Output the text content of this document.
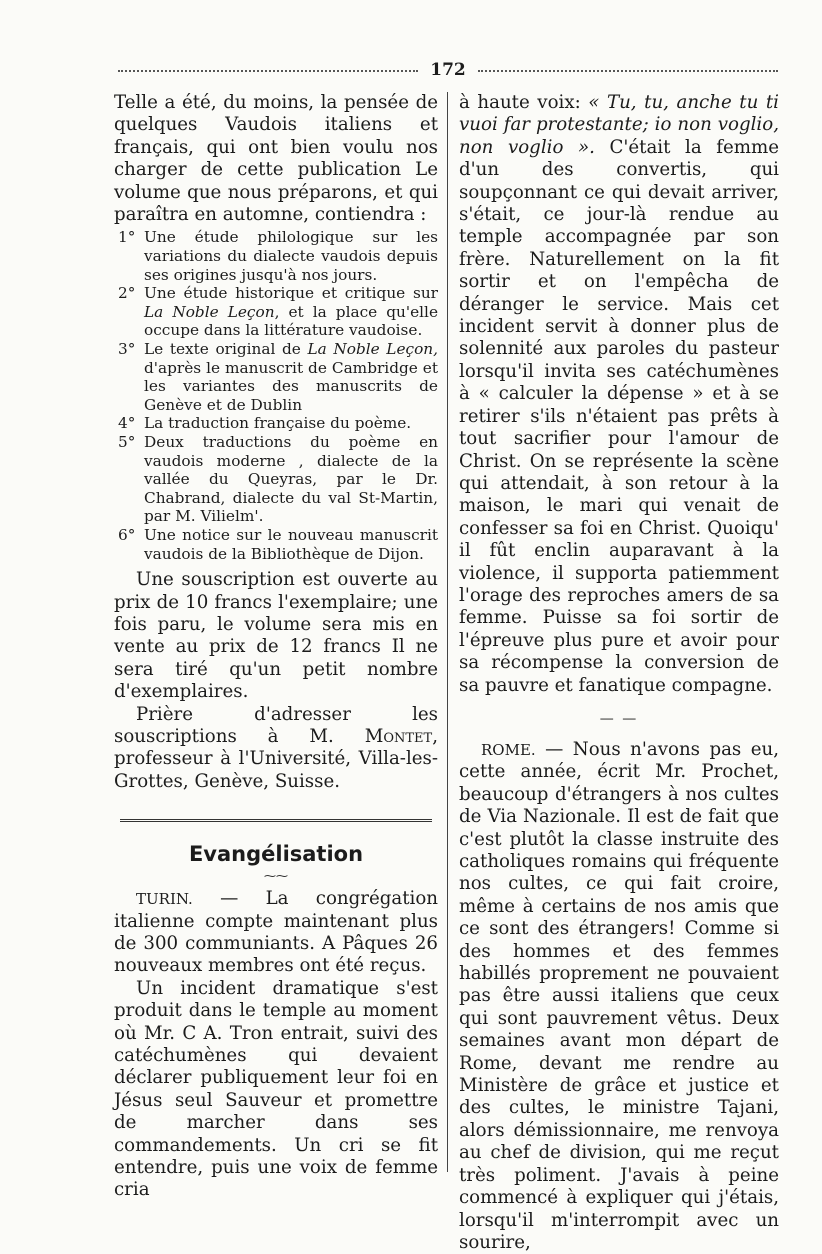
172

Telle a été, du moins, la pensée de quelques Vaudois italiens et français, qui ont bien voulu nos charger de cette publication Le volume que nous préparons, et qui paraîtra en automne, contiendra :

1° Une étude philologique sur les variations du dialecte vaudois depuis ses origines jusqu'à nos jours.
2° Une étude historique et critique sur La Noble Leçon, et la place qu'elle occupe dans la littérature vaudoise.
3° Le texte original de La Noble Leçon, d'après le manuscrit de Cambridge et les variantes des manuscrits de Genève et de Dublin
4° La traduction française du poème.
5° Deux traductions du poème en vaudois moderne , dialecte de la vallée du Queyras, par le Dr. Chabrand, dialecte du val St-Martin, par M. Vilielm'.
6° Une notice sur le nouveau manuscrit vaudois de la Bibliothèque de Dijon.

Une souscription est ouverte au prix de 10 francs l'exemplaire; une fois paru, le volume sera mis en vente au prix de 12 francs Il ne sera tiré qu'un petit nombre d'exemplaires.

Prière d'adresser les souscriptions à M. Montet, professeur à l'Université, Villa-les-Grottes, Genève, Suisse.

Evangélisation
⁓⁓

TURIN. — La congrégation italienne compte maintenant plus de 300 communiants. A Pâques 26 nouveaux membres ont été reçus.

Un incident dramatique s'est produit dans le temple au moment où Mr. C A. Tron entrait, suivi des catéchumènes qui devaient déclarer publiquement leur foi en Jésus seul Sauveur et promettre de marcher dans ses commandements. Un cri se fit entendre, puis une voix de femme cria

à haute voix: « Tu, tu, anche tu ti vuoi far protestante; io non voglio, non voglio ». C'était la femme d'un des convertis, qui soupçonnant ce qui devait arriver, s'était, ce jour-là rendue au temple accompagnée par son frère. Naturellement on la fit sortir et on l'empêcha de déranger le service. Mais cet incident servit à donner plus de solennité aux paroles du pasteur lorsqu'il invita ses catéchumènes à « calculer la dépense » et à se retirer s'ils n'étaient pas prêts à tout sacrifier pour l'amour de Christ. On se représente la scène qui attendait, à son retour à la maison, le mari qui venait de confesser sa foi en Christ. Quoiqu' il fût enclin auparavant à la violence, il supporta patiemment l'orage des reproches amers de sa femme. Puisse sa foi sortir de l'épreuve plus pure et avoir pour sa récompense la conversion de sa pauvre et fanatique compagne.

— —

ROME. — Nous n'avons pas eu, cette année, écrit Mr. Prochet, beaucoup d'étrangers à nos cultes de Via Nazionale. Il est de fait que c'est plutôt la classe instruite des catholiques romains qui fréquente nos cultes, ce qui fait croire, même à certains de nos amis que ce sont des étrangers! Comme si des hommes et des femmes habillés proprement ne pouvaient pas être aussi italiens que ceux qui sont pauvrement vêtus. Deux semaines avant mon départ de Rome, devant me rendre au Ministère de grâce et justice et des cultes, le ministre Tajani, alors démissionnaire, me renvoya au chef de division, qui me reçut très poliment. J'avais à peine commencé à expliquer qui j'étais, lorsqu'il m'interrompit avec un sourire,
